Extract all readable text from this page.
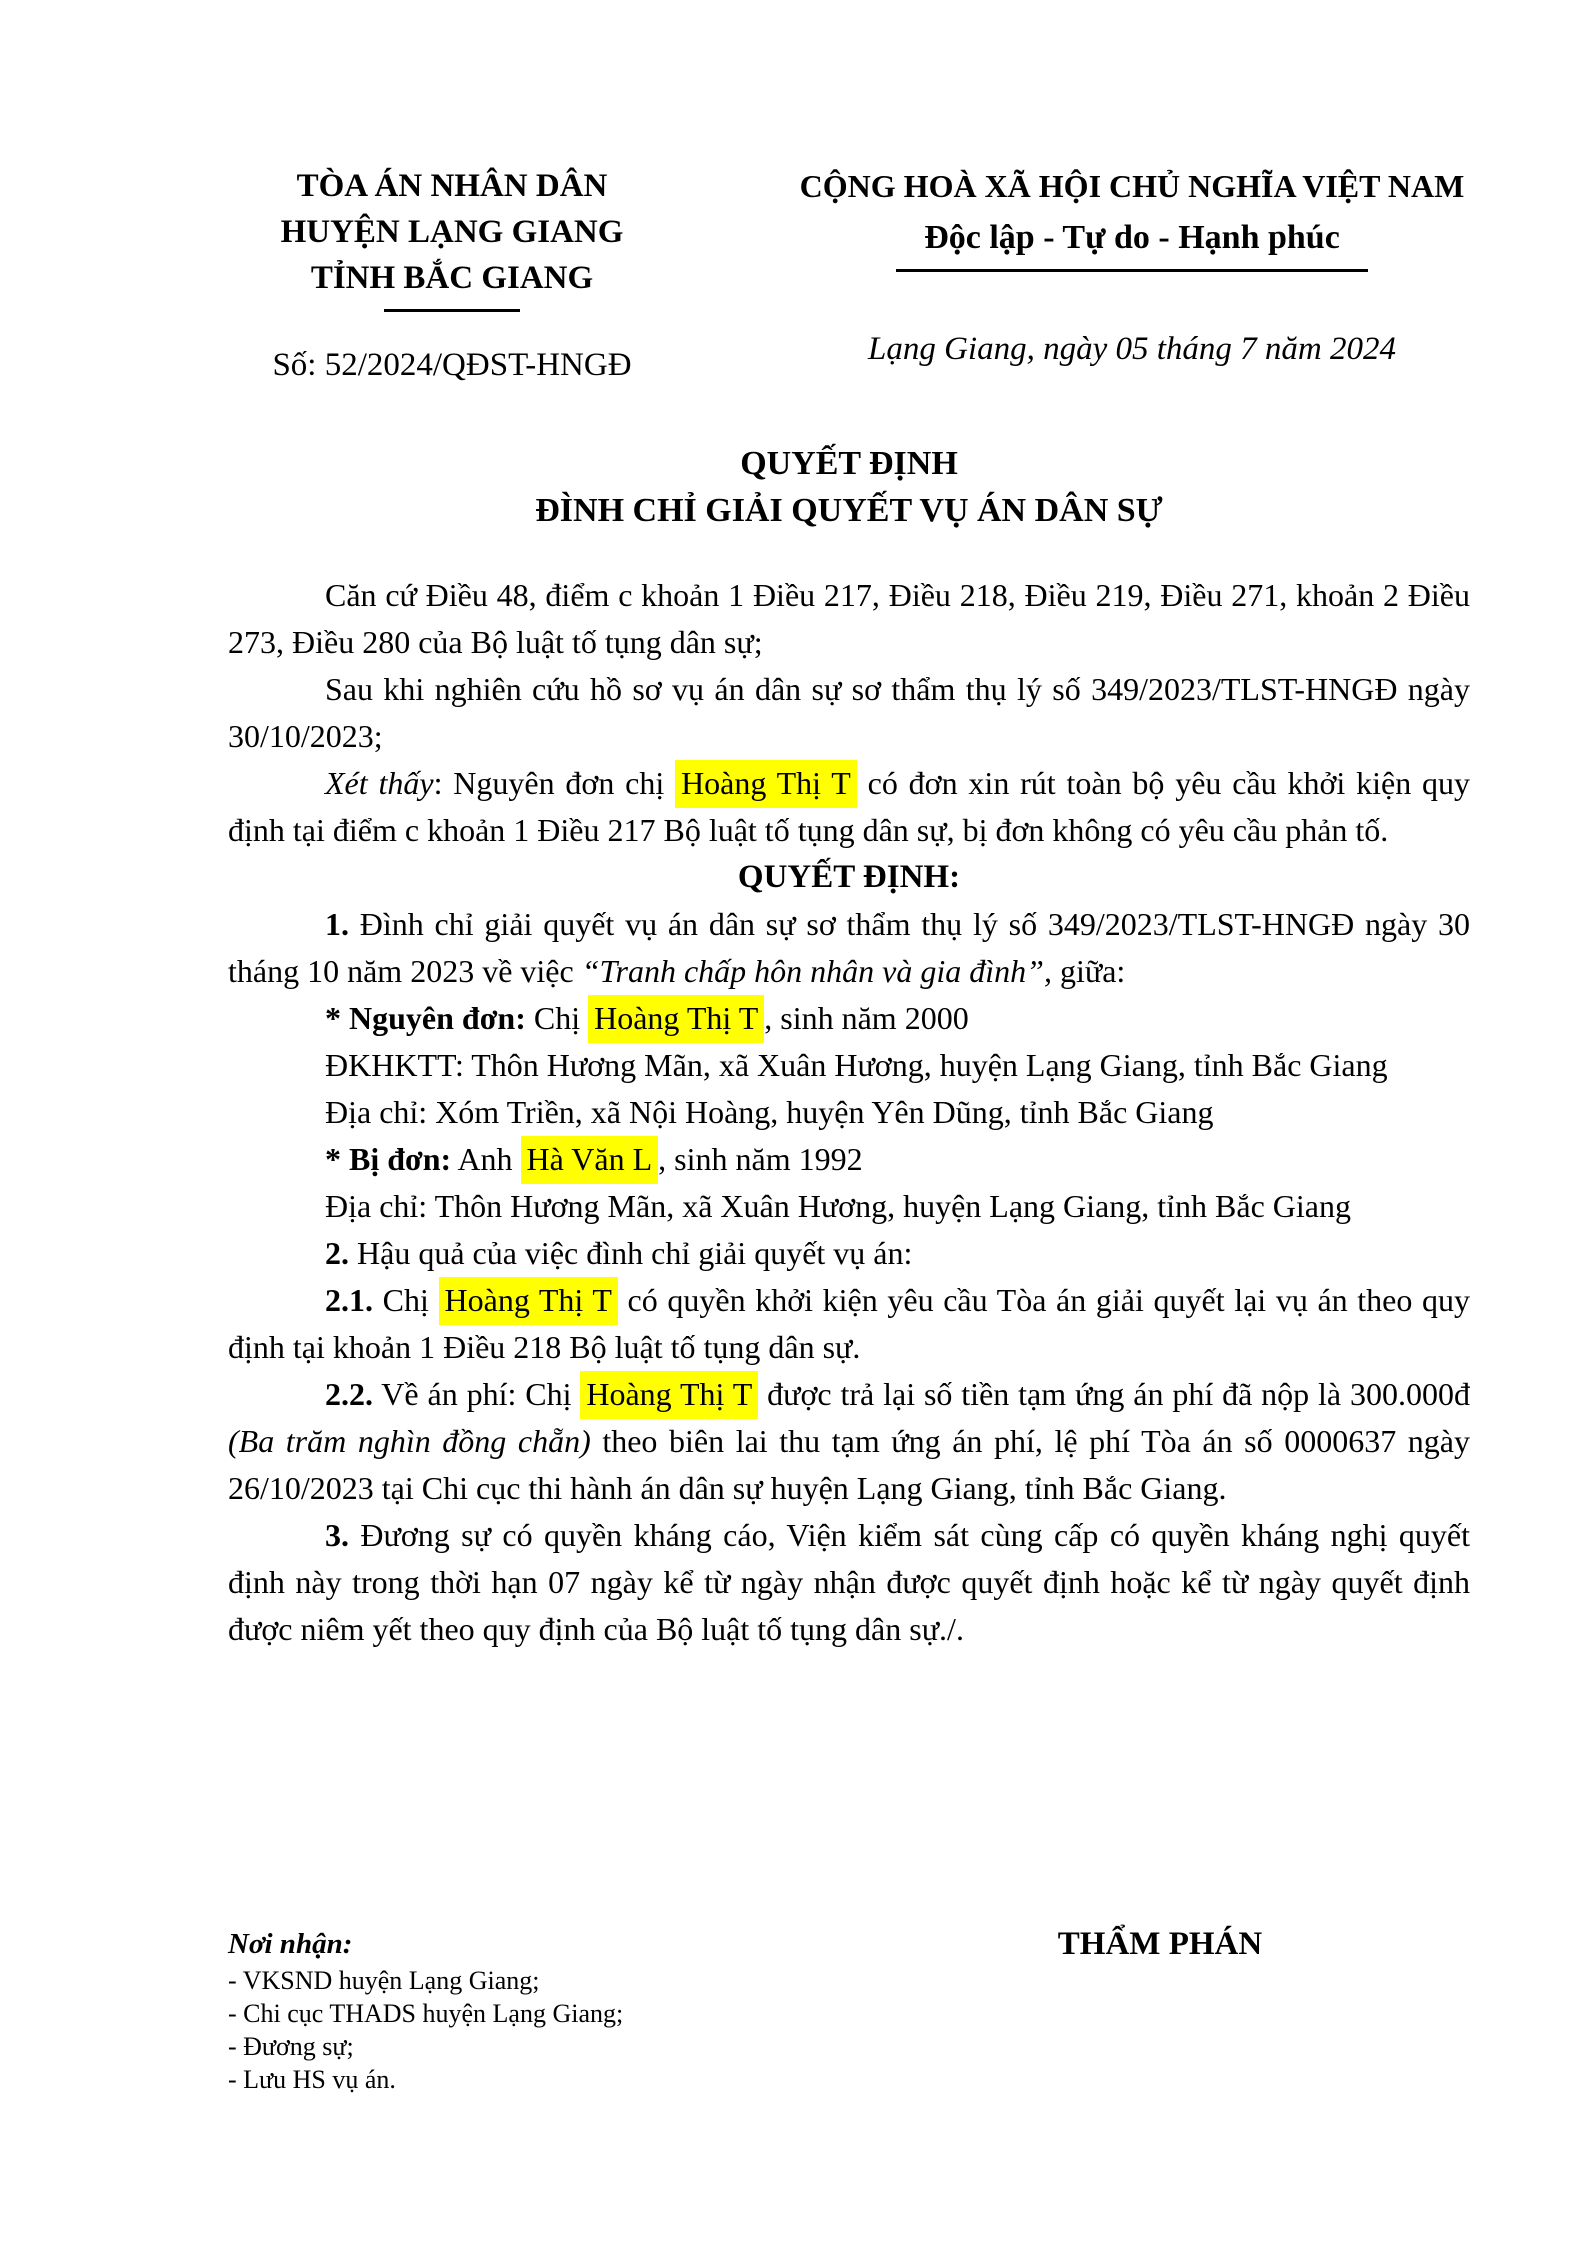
TÒA ÁN NHÂN DÂN
HUYỆN LẠNG GIANG
TỈNH BẮC GIANG
Số: 52/2024/QĐST-HNGĐ
CỘNG HOÀ XÃ HỘI CHỦ NGHĨA VIỆT NAM
Độc lập - Tự do - Hạnh phúc
Lạng Giang, ngày 05 tháng 7 năm 2024
QUYẾT ĐỊNH
ĐÌNH CHỈ GIẢI QUYẾT VỤ ÁN DÂN SỰ

Căn cứ Điều 48, điểm c khoản 1 Điều 217, Điều 218, Điều 219, Điều 271, khoản 2 Điều 273, Điều 280 của Bộ luật tố tụng dân sự;

Sau khi nghiên cứu hồ sơ vụ án dân sự sơ thẩm thụ lý số 349/2023/TLST-HNGĐ ngày 30/10/2023;

Xét thấy: Nguyên đơn chị Hoàng Thị T có đơn xin rút toàn bộ yêu cầu khởi kiện quy định tại điểm c khoản 1 Điều 217 Bộ luật tố tụng dân sự, bị đơn không có yêu cầu phản tố.

QUYẾT ĐỊNH:

1. Đình chỉ giải quyết vụ án dân sự sơ thẩm thụ lý số 349/2023/TLST-HNGĐ ngày 30 tháng 10 năm 2023 về việc “Tranh chấp hôn nhân và gia đình”, giữa:

* Nguyên đơn: Chị Hoàng Thị T , sinh năm 2000

ĐKHKTT: Thôn Hương Mãn, xã Xuân Hương, huyện Lạng Giang, tỉnh Bắc Giang

Địa chỉ: Xóm Triền, xã Nội Hoàng, huyện Yên Dũng, tỉnh Bắc Giang

* Bị đơn: Anh Hà Văn L , sinh năm 1992

Địa chỉ: Thôn Hương Mãn, xã Xuân Hương, huyện Lạng Giang, tỉnh Bắc Giang

2. Hậu quả của việc đình chỉ giải quyết vụ án:

2.1. Chị Hoàng Thị T có quyền khởi kiện yêu cầu Tòa án giải quyết lại vụ án theo quy định tại khoản 1 Điều 218 Bộ luật tố tụng dân sự.

2.2. Về án phí: Chị Hoàng Thị T được trả lại số tiền tạm ứng án phí đã nộp là 300.000đ (Ba trăm nghìn đồng chẵn) theo biên lai thu tạm ứng án phí, lệ phí Tòa án số 0000637 ngày 26/10/2023 tại Chi cục thi hành án dân sự huyện Lạng Giang, tỉnh Bắc Giang.

3. Đương sự có quyền kháng cáo, Viện kiểm sát cùng cấp có quyền kháng nghị quyết định này trong thời hạn 07 ngày kể từ ngày nhận được quyết định hoặc kể từ ngày quyết định được niêm yết theo quy định của Bộ luật tố tụng dân sự./.

Nơi nhận:
- VKSND huyện Lạng Giang;
- Chi cục THADS huyện Lạng Giang;
- Đương sự;
- Lưu HS vụ án.
THẨM PHÁN
